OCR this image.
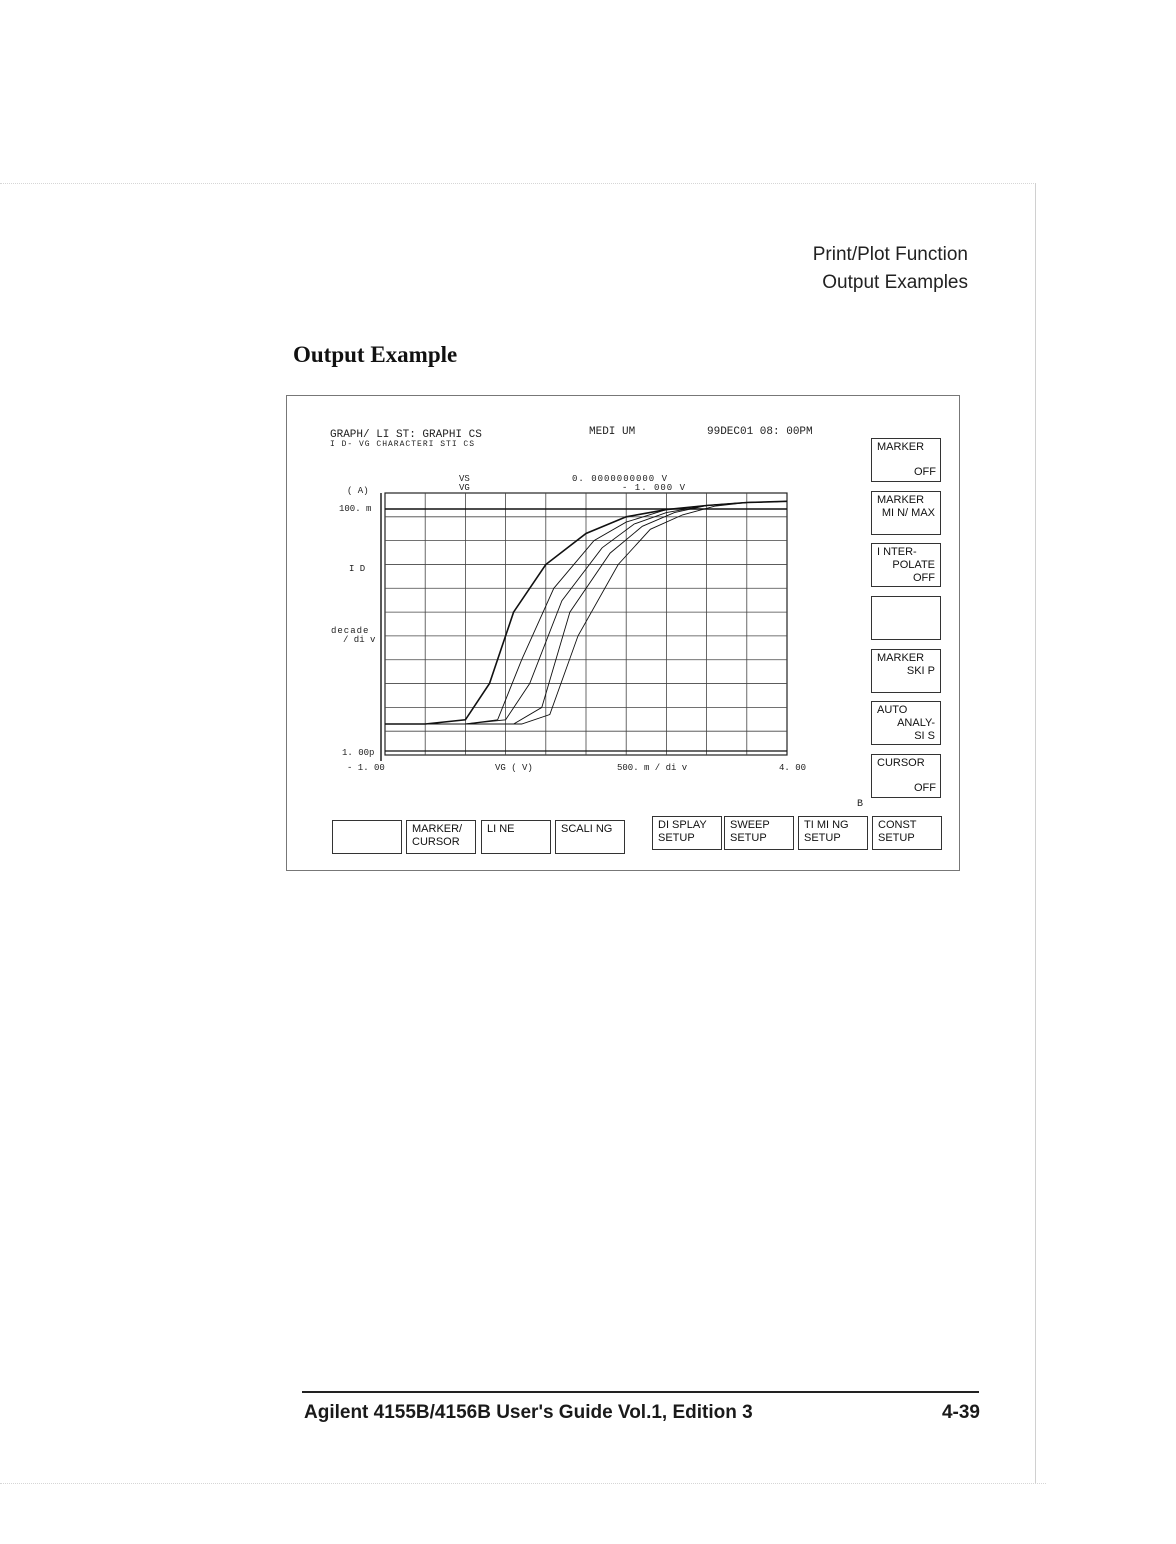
Print/Plot Function
Output Examples
Output Example
GRAPH/ LI ST: GRAPHI CS
I D- VG CHARACTERI STI CS
MEDI UM	99DEC01 08: 00PM
VS
VG
0. 0000000000 V
- 1. 000 V
( A)
100. m
I D
decade
/ di v
1. 00p
- 1. 00	VG ( V)	500. m / di v	4. 00
B
MARKER
OFF
MARKER
MI N/ MAX
I NTER-
POLATE
OFF
MARKER
SKI P
AUTO
ANALY-
SI S
CURSOR
OFF
MARKER/
CURSOR
LI NE	SCALI NG	DI SPLAY
SETUP
SWEEP
SETUP
TI MI NG
SETUP
CONST
SETUP
Agilent 4155B/4156B User's Guide Vol.1, Edition 3	4-39
